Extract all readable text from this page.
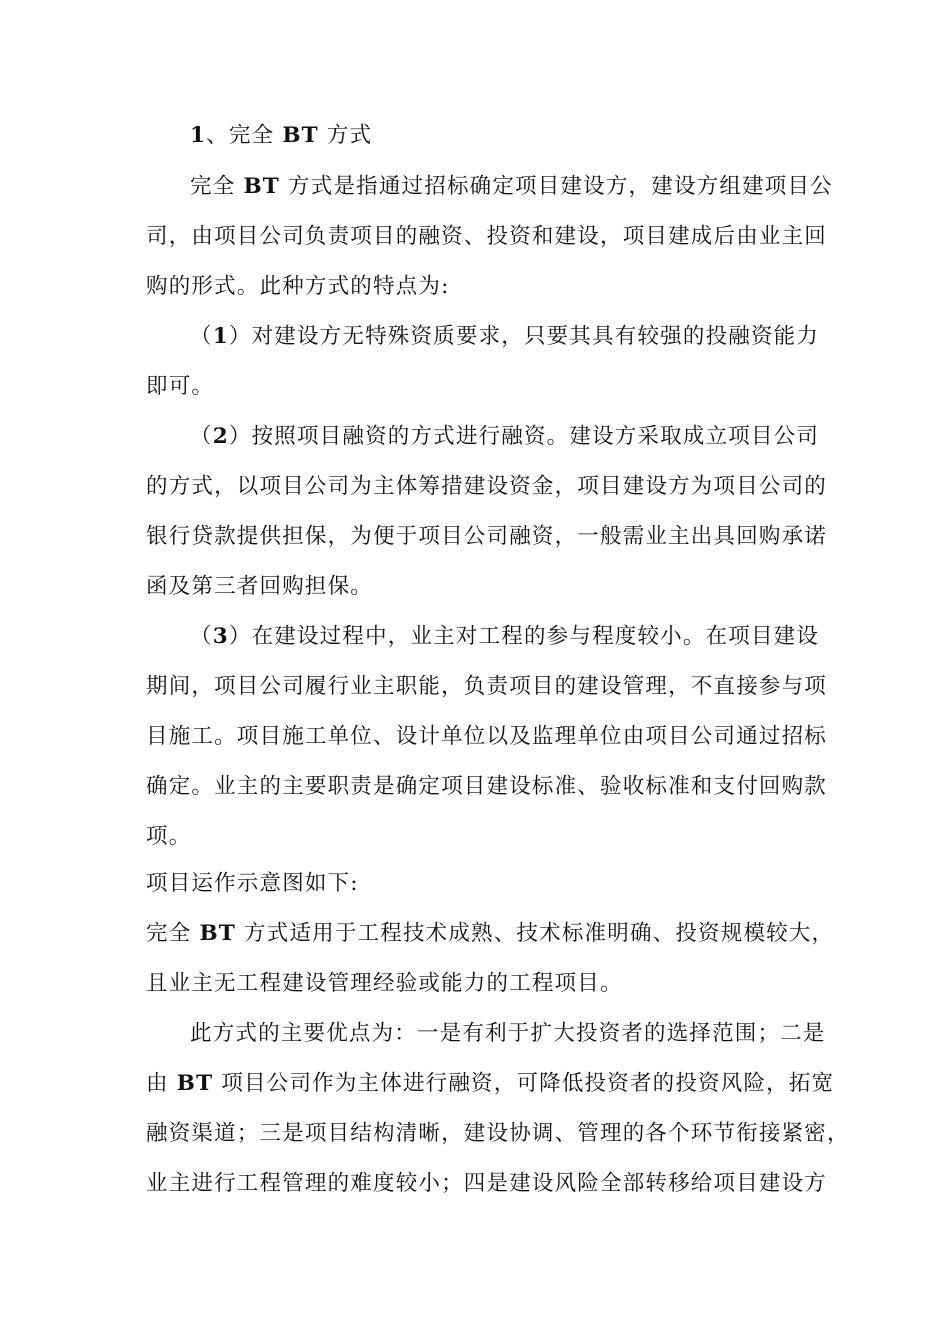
1、完全 BT 方式
完全 BT 方式是指通过招标确定项目建设方，建设方组建项目公
司，由项目公司负责项目的融资、投资和建设，项目建成后由业主回
购的形式。此种方式的特点为:
（1）对建设方无特殊资质要求，只要其具有较强的投融资能力
即可。
（2）按照项目融资的方式进行融资。建设方采取成立项目公司
的方式，以项目公司为主体筹措建设资金，项目建设方为项目公司的
银行贷款提供担保，为便于项目公司融资，一般需业主出具回购承诺
函及第三者回购担保。
（3）在建设过程中，业主对工程的参与程度较小。在项目建设
期间，项目公司履行业主职能，负责项目的建设管理，不直接参与项
目施工。项目施工单位、设计单位以及监理单位由项目公司通过招标
确定。业主的主要职责是确定项目建设标准、验收标准和支付回购款
项。
项目运作示意图如下:
完全 BT 方式适用于工程技术成熟、技术标准明确、投资规模较大，
且业主无工程建设管理经验或能力的工程项目。
此方式的主要优点为：一是有利于扩大投资者的选择范围；二是
由 BT 项目公司作为主体进行融资，可降低投资者的投资风险，拓宽
融资渠道；三是项目结构清晰，建设协调、管理的各个环节衔接紧密，
业主进行工程管理的难度较小；四是建设风险全部转移给项目建设方
